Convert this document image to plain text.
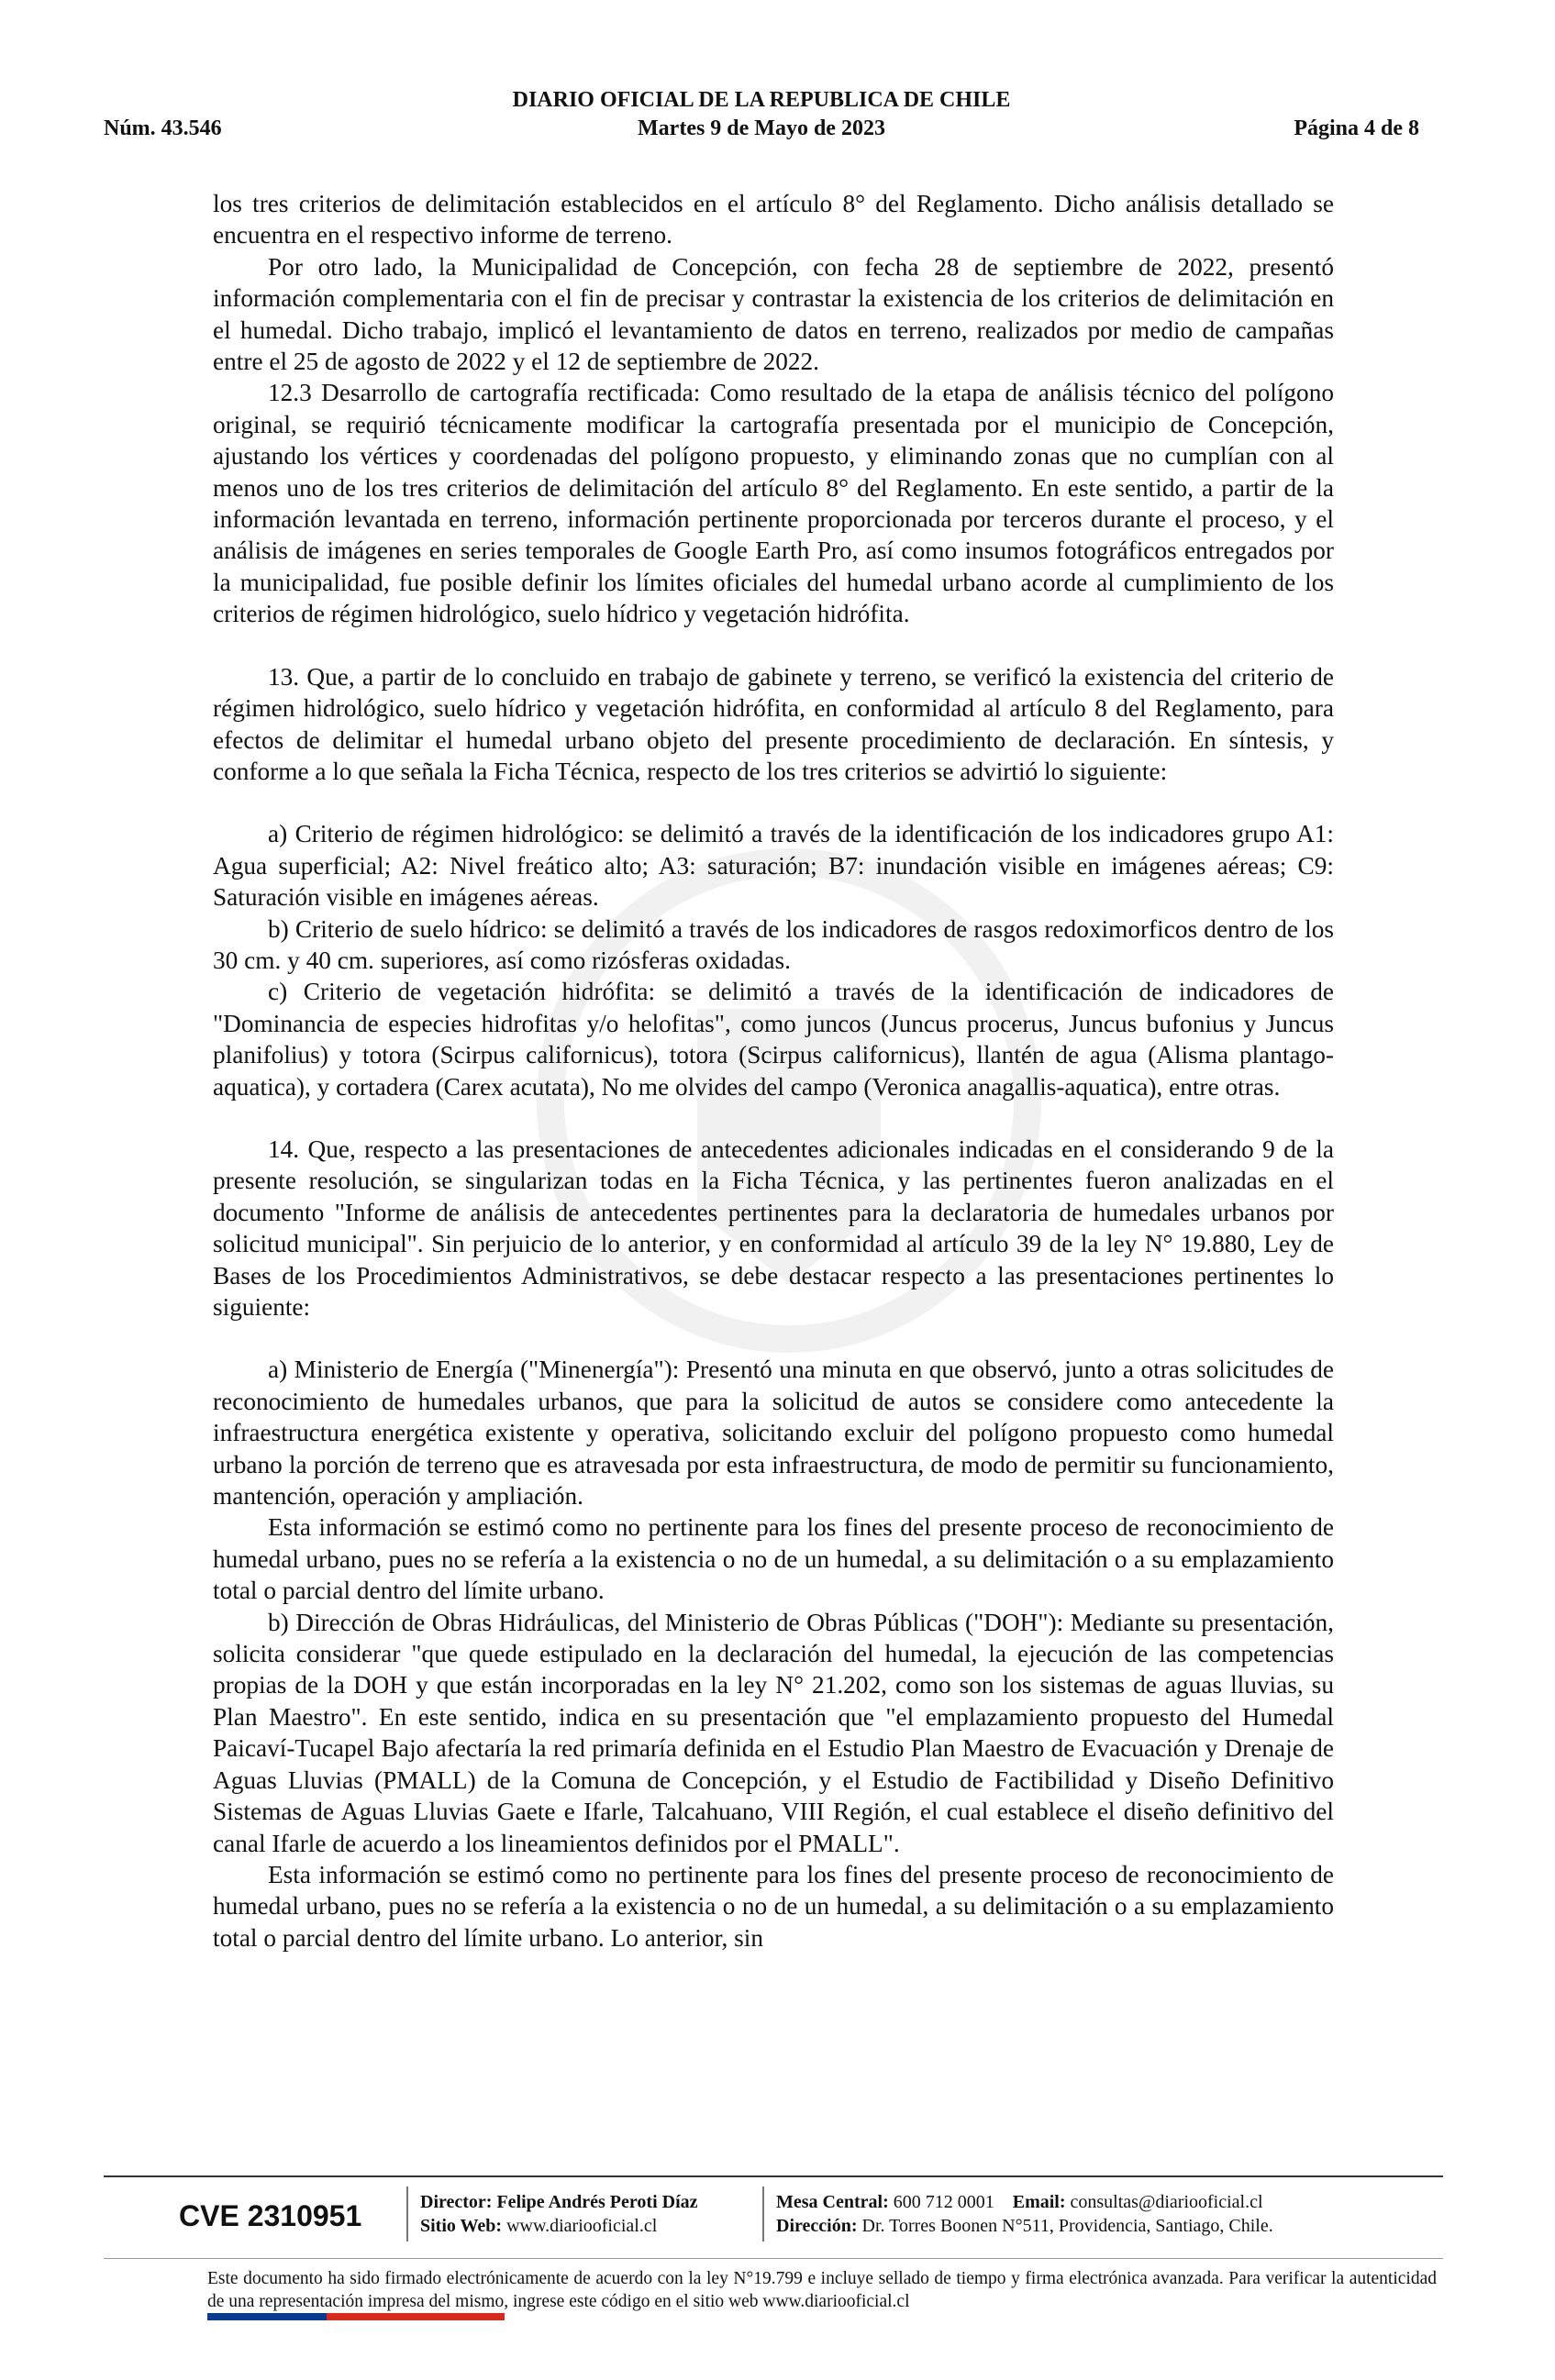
DIARIO OFICIAL DE LA REPUBLICA DE CHILE
Núm. 43.546	Martes 9 de Mayo de 2023	Página 4 de 8

los tres criterios de delimitación establecidos en el artículo 8° del Reglamento. Dicho análisis detallado se encuentra en el respectivo informe de terreno.

Por otro lado, la Municipalidad de Concepción, con fecha 28 de septiembre de 2022, presentó información complementaria con el fin de precisar y contrastar la existencia de los criterios de delimitación en el humedal. Dicho trabajo, implicó el levantamiento de datos en terreno, realizados por medio de campañas entre el 25 de agosto de 2022 y el 12 de septiembre de 2022.

12.3 Desarrollo de cartografía rectificada: Como resultado de la etapa de análisis técnico del polígono original, se requirió técnicamente modificar la cartografía presentada por el municipio de Concepción, ajustando los vértices y coordenadas del polígono propuesto, y eliminando zonas que no cumplían con al menos uno de los tres criterios de delimitación del artículo 8° del Reglamento. En este sentido, a partir de la información levantada en terreno, información pertinente proporcionada por terceros durante el proceso, y el análisis de imágenes en series temporales de Google Earth Pro, así como insumos fotográficos entregados por la municipalidad, fue posible definir los límites oficiales del humedal urbano acorde al cumplimiento de los criterios de régimen hidrológico, suelo hídrico y vegetación hidrófita.

13. Que, a partir de lo concluido en trabajo de gabinete y terreno, se verificó la existencia del criterio de régimen hidrológico, suelo hídrico y vegetación hidrófita, en conformidad al artículo 8 del Reglamento, para efectos de delimitar el humedal urbano objeto del presente procedimiento de declaración. En síntesis, y conforme a lo que señala la Ficha Técnica, respecto de los tres criterios se advirtió lo siguiente:

a) Criterio de régimen hidrológico: se delimitó a través de la identificación de los indicadores grupo A1: Agua superficial; A2: Nivel freático alto; A3: saturación; B7: inundación visible en imágenes aéreas; C9: Saturación visible en imágenes aéreas.

b) Criterio de suelo hídrico: se delimitó a través de los indicadores de rasgos redoximorficos dentro de los 30 cm. y 40 cm. superiores, así como rizósferas oxidadas.

c) Criterio de vegetación hidrófita: se delimitó a través de la identificación de indicadores de "Dominancia de especies hidrofitas y/o helofitas", como juncos (Juncus procerus, Juncus bufonius y Juncus planifolius) y totora (Scirpus californicus), totora (Scirpus californicus), llantén de agua (Alisma plantago-aquatica), y cortadera (Carex acutata), No me olvides del campo (Veronica anagallis-aquatica), entre otras.

14. Que, respecto a las presentaciones de antecedentes adicionales indicadas en el considerando 9 de la presente resolución, se singularizan todas en la Ficha Técnica, y las pertinentes fueron analizadas en el documento "Informe de análisis de antecedentes pertinentes para la declaratoria de humedales urbanos por solicitud municipal". Sin perjuicio de lo anterior, y en conformidad al artículo 39 de la ley N° 19.880, Ley de Bases de los Procedimientos Administrativos, se debe destacar respecto a las presentaciones pertinentes lo siguiente:

a) Ministerio de Energía ("Minenergía"): Presentó una minuta en que observó, junto a otras solicitudes de reconocimiento de humedales urbanos, que para la solicitud de autos se considere como antecedente la infraestructura energética existente y operativa, solicitando excluir del polígono propuesto como humedal urbano la porción de terreno que es atravesada por esta infraestructura, de modo de permitir su funcionamiento, mantención, operación y ampliación.

Esta información se estimó como no pertinente para los fines del presente proceso de reconocimiento de humedal urbano, pues no se refería a la existencia o no de un humedal, a su delimitación o a su emplazamiento total o parcial dentro del límite urbano.

b) Dirección de Obras Hidráulicas, del Ministerio de Obras Públicas ("DOH"): Mediante su presentación, solicita considerar "que quede estipulado en la declaración del humedal, la ejecución de las competencias propias de la DOH y que están incorporadas en la ley N° 21.202, como son los sistemas de aguas lluvias, su Plan Maestro". En este sentido, indica en su presentación que "el emplazamiento propuesto del Humedal Paicaví-Tucapel Bajo afectaría la red primaría definida en el Estudio Plan Maestro de Evacuación y Drenaje de Aguas Lluvias (PMALL) de la Comuna de Concepción, y el Estudio de Factibilidad y Diseño Definitivo Sistemas de Aguas Lluvias Gaete e Ifarle, Talcahuano, VIII Región, el cual establece el diseño definitivo del canal Ifarle de acuerdo a los lineamientos definidos por el PMALL".

Esta información se estimó como no pertinente para los fines del presente proceso de reconocimiento de humedal urbano, pues no se refería a la existencia o no de un humedal, a su delimitación o a su emplazamiento total o parcial dentro del límite urbano. Lo anterior, sin

CVE 2310951	Director: Felipe Andrés Peroti Díaz
Sitio Web: www.diariooficial.cl
Mesa Central: 600 712 0001 Email: consultas@diariooficial.cl
Dirección: Dr. Torres Boonen N°511, Providencia, Santiago, Chile.
Este documento ha sido firmado electrónicamente de acuerdo con la ley N°19.799 e incluye sellado de tiempo y firma electrónica avanzada. Para verificar la autenticidad de una representación impresa del mismo, ingrese este código en el sitio web www.diariooficial.cl
